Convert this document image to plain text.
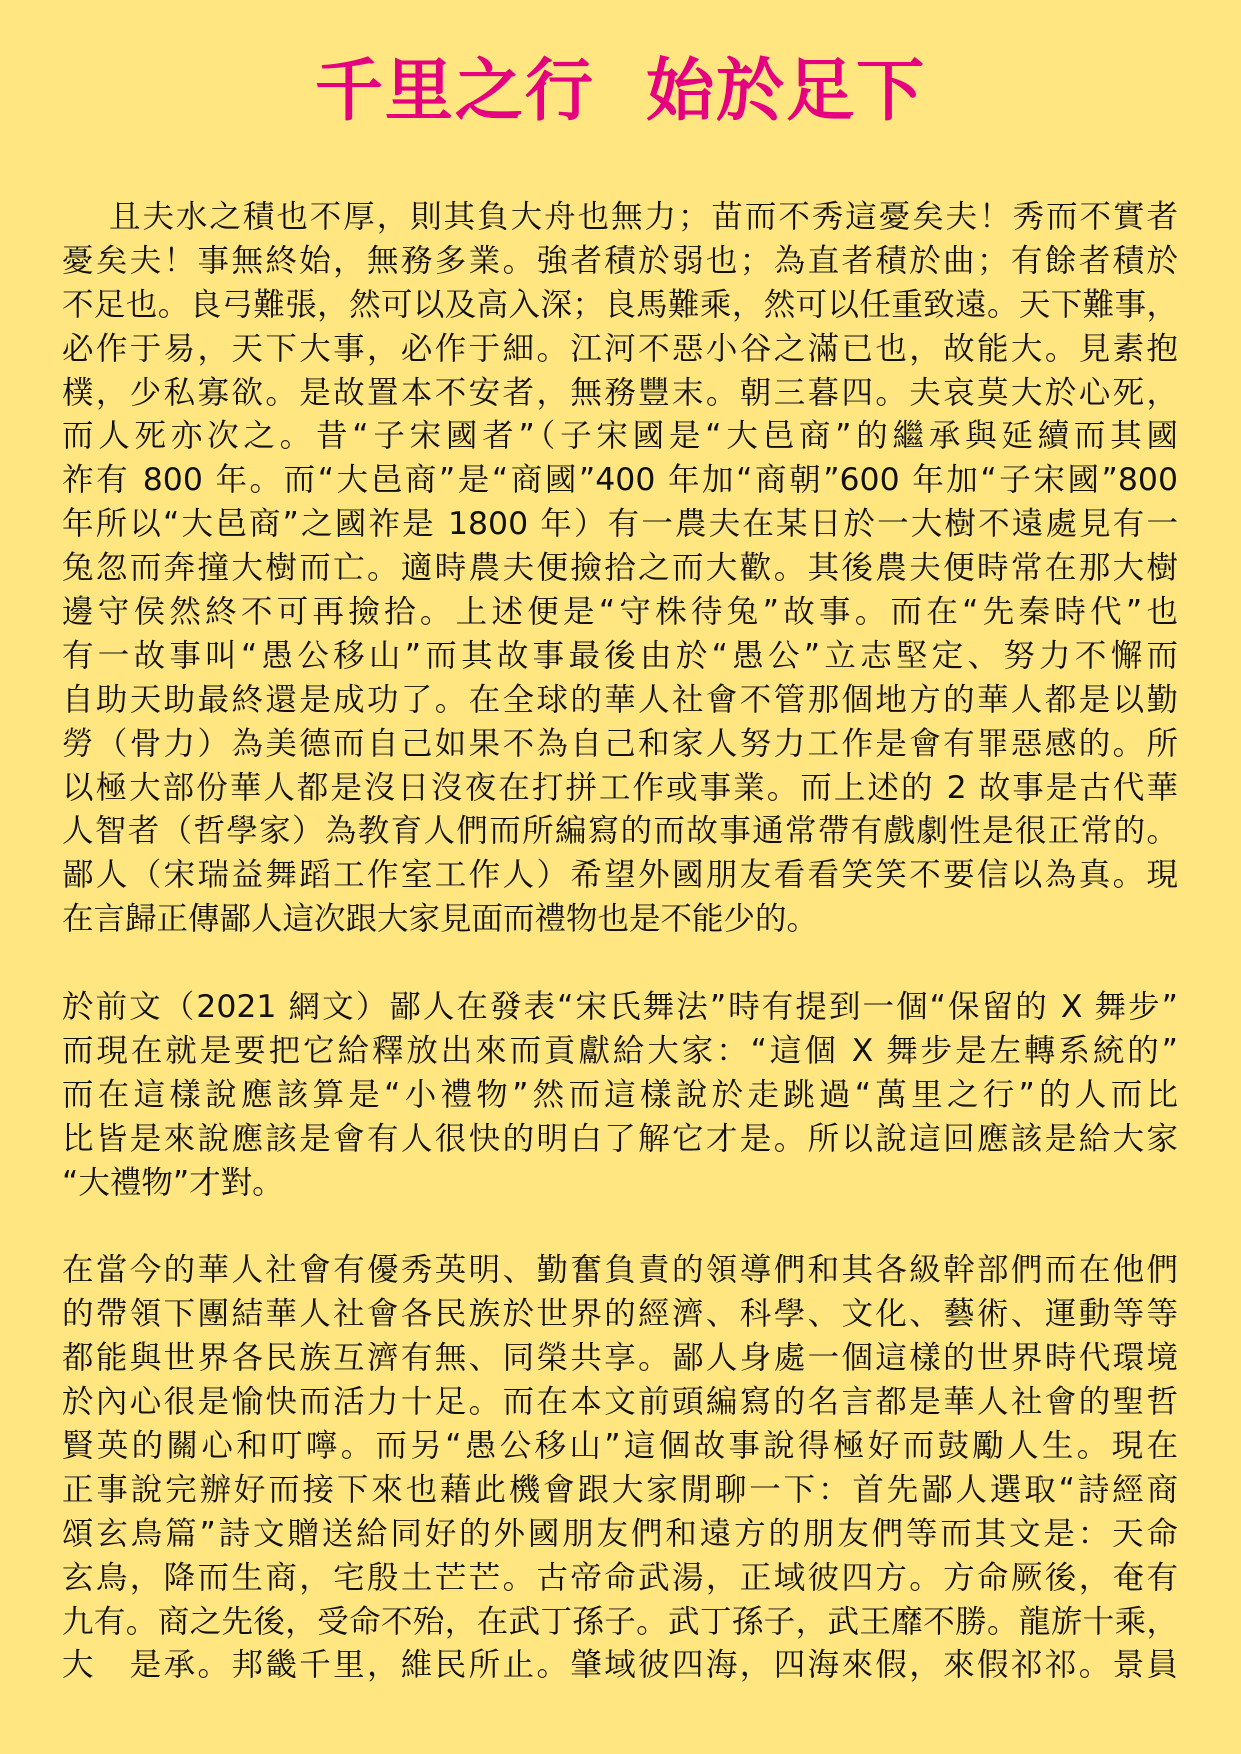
千里之行  始於足下
且夫水之積也不厚，則其負大舟也無力；苗而不秀這憂矣夫！秀而不實者
憂矣夫！事無終始，無務多業。強者積於弱也；為直者積於曲；有餘者積於
不足也。良弓難張，然可以及高入深；良馬難乘，然可以任重致遠。天下難事，
必作于易，天下大事，必作于細。江河不惡小谷之滿已也，故能大。見素抱
樸，少私寡欲。是故置本不安者，無務豐末。朝三暮四。夫哀莫大於心死，
而人死亦次之。昔“子宋國者”（子宋國是“大邑商”的繼承與延續而其國
祚有 800 年。而“大邑商”是“商國”400 年加“商朝”600 年加“子宋國”800
年所以“大邑商”之國祚是 1800 年）有一農夫在某日於一大樹不遠處見有一
兔忽而奔撞大樹而亡。適時農夫便撿拾之而大歡。其後農夫便時常在那大樹
邊守侯然終不可再撿拾。上述便是“守株待兔”故事。而在“先秦時代”也
有一故事叫“愚公移山”而其故事最後由於“愚公”立志堅定、努力不懈而
自助天助最終還是成功了。在全球的華人社會不管那個地方的華人都是以勤
勞（骨力）為美德而自己如果不為自己和家人努力工作是會有罪惡感的。所
以極大部份華人都是沒日沒夜在打拼工作或事業。而上述的 2 故事是古代華
人智者（哲學家）為教育人們而所編寫的而故事通常帶有戲劇性是很正常的。
鄙人（宋瑞益舞蹈工作室工作人）希望外國朋友看看笑笑不要信以為真。現
在言歸正傳鄙人這次跟大家見面而禮物也是不能少的。
於前文（2021 網文）鄙人在發表“宋氏舞法”時有提到一個“保留的 X 舞步”
而現在就是要把它給釋放出來而貢獻給大家：“這個 X 舞步是左轉系統的”
而在這樣說應該算是“小禮物”然而這樣說於走跳過“萬里之行”的人而比
比皆是來說應該是會有人很快的明白了解它才是。所以說這回應該是給大家
“大禮物”才對。
在當今的華人社會有優秀英明、勤奮負責的領導們和其各級幹部們而在他們
的帶領下團結華人社會各民族於世界的經濟、科學、文化、藝術、運動等等
都能與世界各民族互濟有無、同榮共享。鄙人身處一個這樣的世界時代環境
於內心很是愉快而活力十足。而在本文前頭編寫的名言都是華人社會的聖哲
賢英的關心和叮嚀。而另“愚公移山”這個故事說得極好而鼓勵人生。現在
正事說完辦好而接下來也藉此機會跟大家閒聊一下：首先鄙人選取“詩經商
頌玄鳥篇”詩文贈送給同好的外國朋友們和遠方的朋友們等而其文是：天命
玄鳥，降而生商，宅殷土芒芒。古帝命武湯，正域彼四方。方命厥後，奄有
九有。商之先後，受命不殆，在武丁孫子。武丁孫子，武王靡不勝。龍旂十乘，
大　是承。邦畿千里，維民所止。肇域彼四海，四海來假，來假祁祁。景員
